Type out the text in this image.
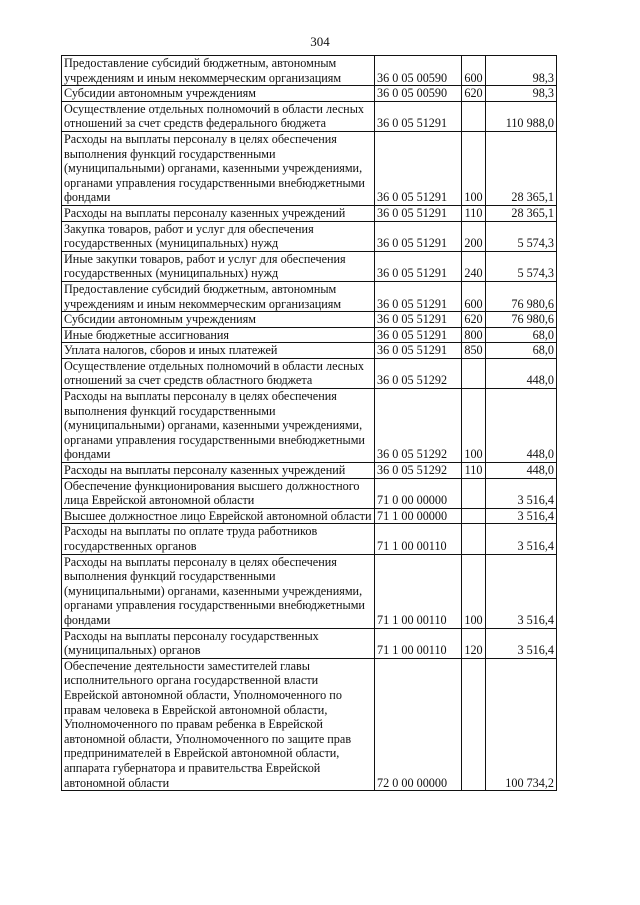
304
Предоставление субсидий бюджетным, автономным учреждениям и иным некоммерческим организациям	36 0 05 00590	600	98,3
Субсидии автономным учреждениям	36 0 05 00590	620	98,3
Осуществление отдельных полномочий в области лесных отношений за счет средств федерального бюджета	36 0 05 51291		110 988,0
Расходы на выплаты персоналу в целях обеспечения выполнения функций государственными (муниципальными) органами, казенными учреждениями, органами управления государственными внебюджетными фондами	36 0 05 51291	100	28 365,1
Расходы на выплаты персоналу казенных учреждений	36 0 05 51291	110	28 365,1
Закупка товаров, работ и услуг для обеспечения государственных (муниципальных) нужд	36 0 05 51291	200	5 574,3
Иные закупки товаров, работ и услуг для обеспечения государственных (муниципальных) нужд	36 0 05 51291	240	5 574,3
Предоставление субсидий бюджетным, автономным учреждениям и иным некоммерческим организациям	36 0 05 51291	600	76 980,6
Субсидии автономным учреждениям	36 0 05 51291	620	76 980,6
Иные бюджетные ассигнования	36 0 05 51291	800	68,0
Уплата налогов, сборов и иных платежей	36 0 05 51291	850	68,0
Осуществление отдельных полномочий в области лесных отношений за счет средств областного бюджета	36 0 05 51292		448,0
Расходы на выплаты персоналу в целях обеспечения выполнения функций государственными (муниципальными) органами, казенными учреждениями, органами управления государственными внебюджетными фондами	36 0 05 51292	100	448,0
Расходы на выплаты персоналу казенных учреждений	36 0 05 51292	110	448,0
Обеспечение функционирования высшего должностного лица Еврейской автономной области	71 0 00 00000		3 516,4
Высшее должностное лицо Еврейской автономной области	71 1 00 00000		3 516,4
Расходы на выплаты по оплате труда работников государственных органов	71 1 00 00110		3 516,4
Расходы на выплаты персоналу в целях обеспечения выполнения функций государственными (муниципальными) органами, казенными учреждениями, органами управления государственными внебюджетными фондами	71 1 00 00110	100	3 516,4
Расходы на выплаты персоналу государственных (муниципальных) органов	71 1 00 00110	120	3 516,4
Обеспечение деятельности заместителей главы исполнительного органа государственной власти Еврейской автономной области, Уполномоченного по правам человека в Еврейской автономной области, Уполномоченного по правам ребенка в Еврейской автономной области, Уполномоченного по защите прав предпринимателей в Еврейской автономной области, аппарата губернатора и правительства Еврейской автономной области	72 0 00 00000		100 734,2
